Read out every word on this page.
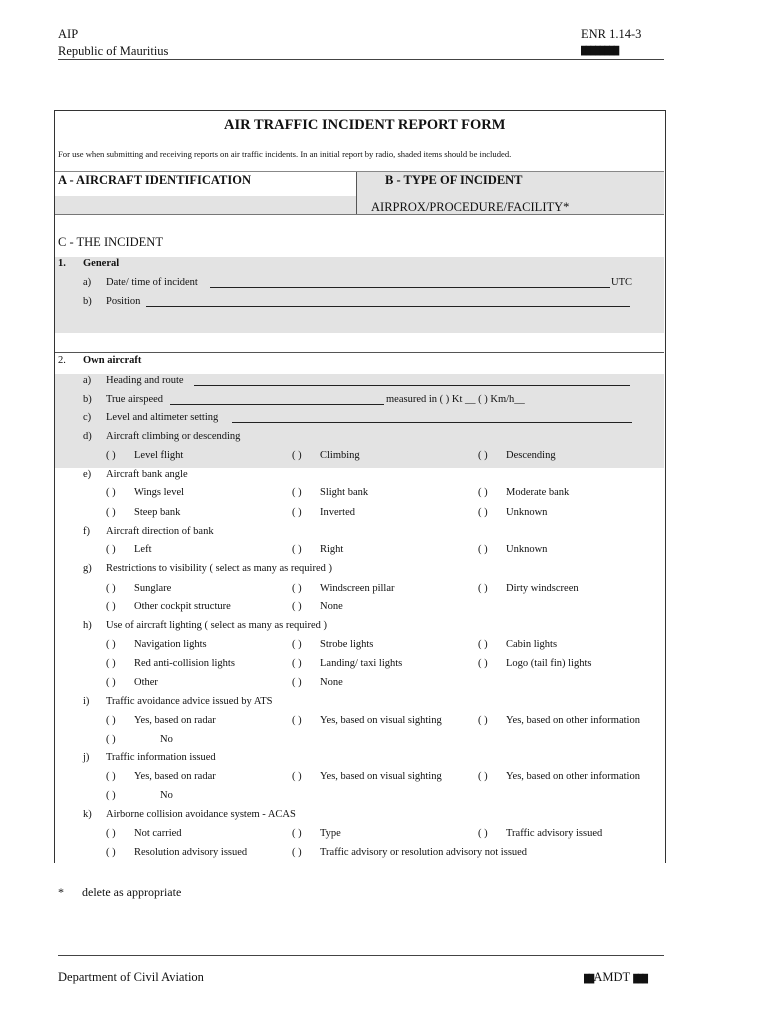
AIP
Republic of Mauritius
ENR 1.14-3
████████
AIR TRAFFIC INCIDENT REPORT FORM
For use when submitting and receiving reports on air traffic incidents. In an initial report by radio, shaded items should be included.
A - AIRCRAFT IDENTIFICATION	B - TYPE OF INCIDENT
AIRPROX/PROCEDURE/FACILITY*
C - THE INCIDENT
1. General
a) Date/ time of incident	UTC
b) Position
2. Own aircraft
a) Heading and route
b) True airspeed	measured in ( ) Kt __ ( ) Km/h__
c) Level and altimeter setting
d) Aircraft climbing or descending
( ) Level flight	( ) Climbing	( ) Descending
e) Aircraft bank angle
( ) Wings level	( ) Slight bank	( ) Moderate bank
( ) Steep bank	( ) Inverted	( ) Unknown
f) Aircraft direction of bank
( ) Left	( ) Right	( ) Unknown
g) Restrictions to visibility ( select as many as required )
( ) Sunglare	( ) Windscreen pillar	( ) Dirty windscreen
( ) Other cockpit structure	( ) None
h) Use of aircraft lighting ( select as many as required )
( ) Navigation lights	( ) Strobe lights	( ) Cabin lights
( ) Red anti-collision lights	( ) Landing/ taxi lights	( ) Logo (tail fin) lights
( ) Other	( ) None
i) Traffic avoidance advice issued by ATS
( ) Yes, based on radar	( ) Yes, based on visual sighting	( ) Yes, based on other information
( )	No
j) Traffic information issued
( ) Yes, based on radar	( ) Yes, based on visual sighting	( ) Yes, based on other information
( )	No
k) Airborne collision avoidance system - ACAS
( ) Not carried	( ) Type	( ) Traffic advisory issued
( ) Resolution advisory issued	( ) Traffic advisory or resolution advisory not issued
* delete as appropriate
Department of Civil Aviation	██AMDT ███
